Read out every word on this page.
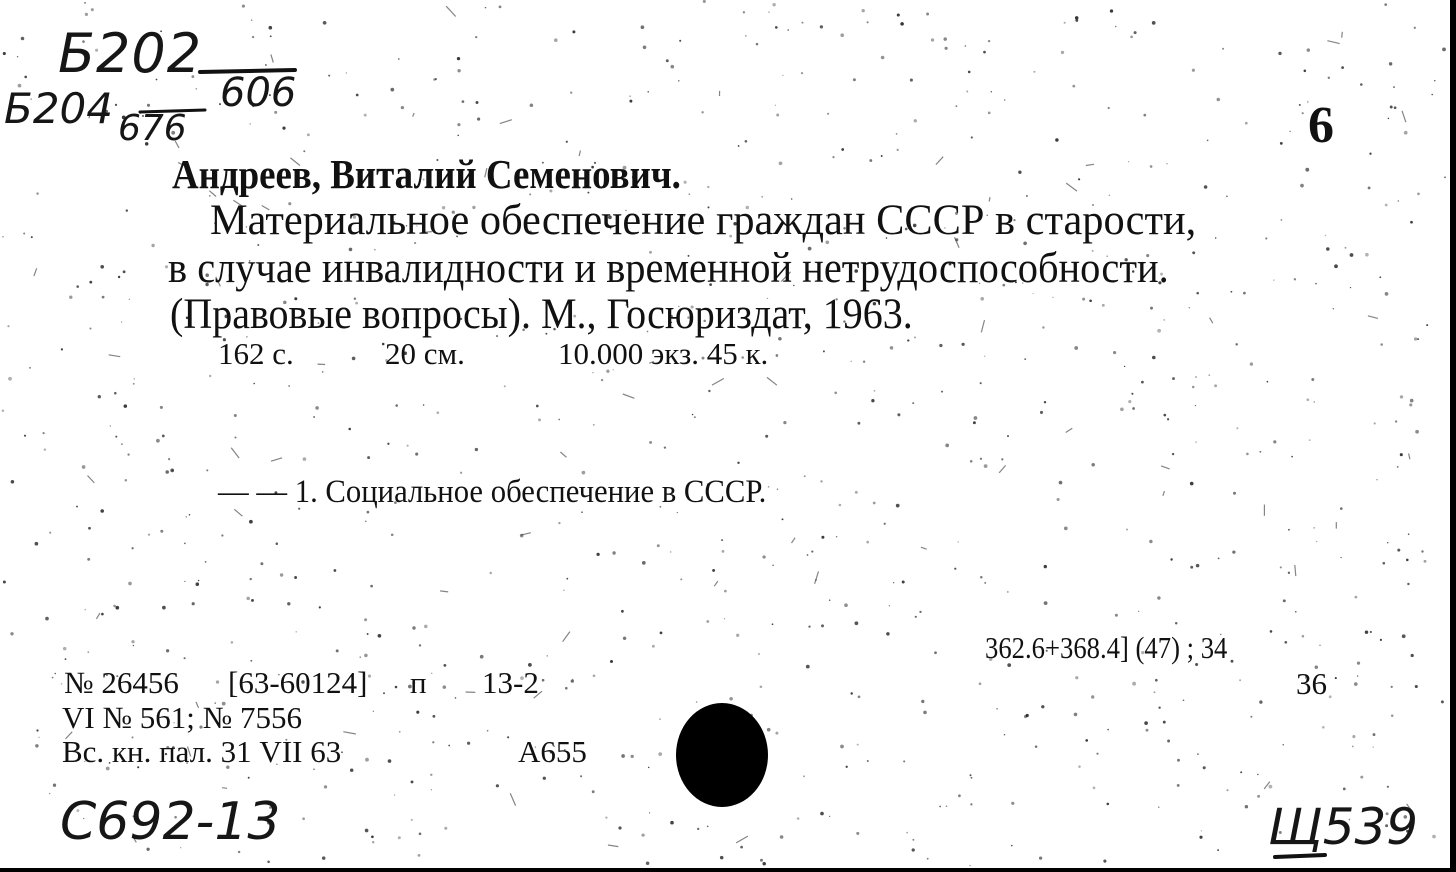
Б202
Б204 676
606
6
Андреев, Виталий Семенович.
Материальное обеспечение граждан СССР в старости,
в случае инвалидности и временной нетрудоспособности.
(Правовые вопросы). М., Госюриздат, 1963.
162 с.	20 см.	10.000 экз. 45 к.
— — 1. Социальное обеспечение в СССР.
362.6+368.4] (47) ; 34
36
№ 26456 [63-60124] п 13-2
VI № 561; № 7556
Вс. кн. пал. 31 VII 63	А655
С692-13	Щ539
